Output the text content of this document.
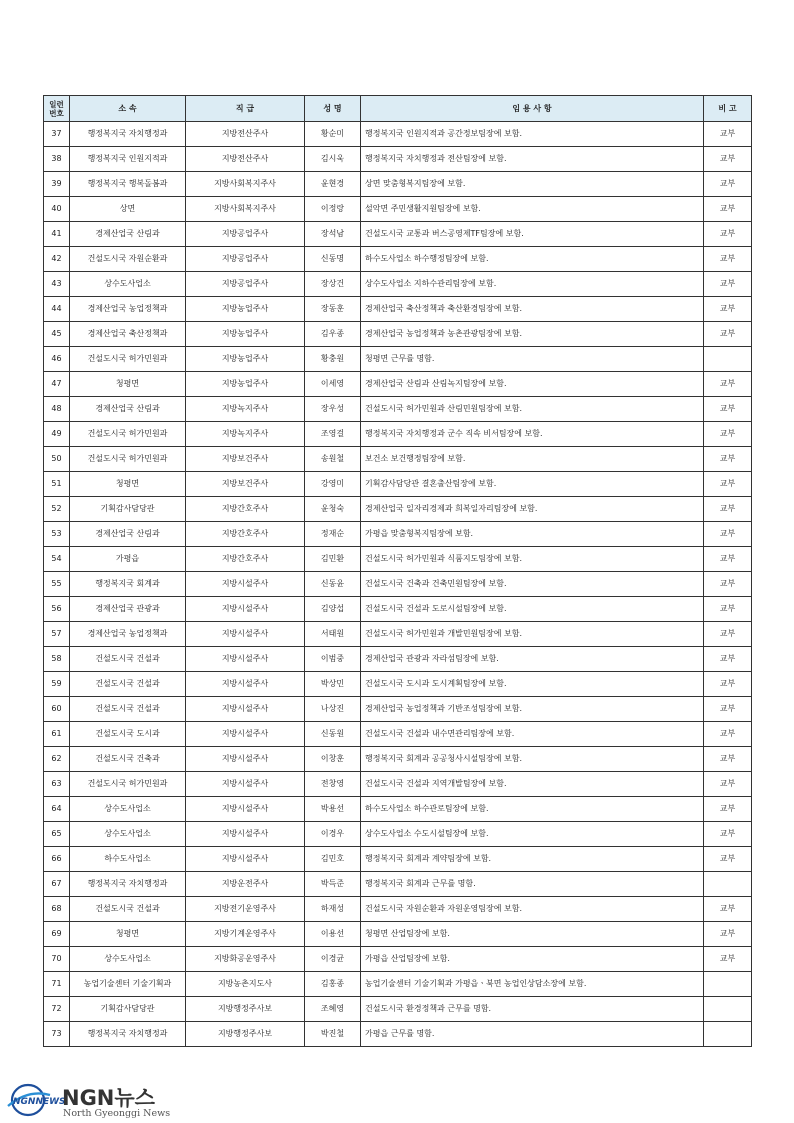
일련번호	소 속	직 급	성 명	임 용 사 항	비 고
37	행정복지국 자치행정과	지방전산주사	황순미	행정복지국 인원지적과 공간정보팀장에 보함.	교부
38	행정복지국 인원지적과	지방전산주사	김시욱	행정복지국 자치행정과 전산팀장에 보함.	교부
39	행정복지국 행복돌봄과	지방사회복지주사	윤현경	상면 맞춤형복지팀장에 보함.	교부
40	상면	지방사회복지주사	이정랑	설악면 주민생활지원팀장에 보함.	교부
41	경제산업국 산림과	지방공업주사	장석남	건설도시국 교통과 버스공영제TF팀장에 보함.	교부
42	건설도시국 자원순환과	지방공업주사	신동명	하수도사업소 하수행정팀장에 보함.	교부
43	상수도사업소	지방공업주사	장상건	상수도사업소 지하수관리팀장에 보함.	교부
44	경제산업국 농업정책과	지방농업주사	장동훈	경제산업국 축산정책과 축산환경팀장에 보함.	교부
45	경제산업국 축산정책과	지방농업주사	김우종	경제산업국 농업정책과 농촌관광팀장에 보함.	교부
46	건설도시국 허가민원과	지방농업주사	황충원	청평면 근무를 명함.	
47	청평면	지방농업주사	이세영	경제산업국 산림과 산림녹지팀장에 보함.	교부
48	경제산업국 산림과	지방녹지주사	장우성	건설도시국 허가민원과 산림민원팀장에 보함.	교부
49	건설도시국 허가민원과	지방녹지주사	조영걸	행정복지국 자치행정과 군수 직속 비서팀장에 보함.	교부
50	건설도시국 허가민원과	지방보건주사	송원철	보건소 보건행정팀장에 보함.	교부
51	청평면	지방보건주사	강영미	기획감사담당관 결혼출산팀장에 보함.	교부
52	기획감사담당관	지방간호주사	윤청숙	경제산업국 일자리경제과 희복일자리팀장에 보함.	교부
53	경제산업국 산림과	지방간호주사	정재순	가평읍 맞춤형복지팀장에 보함.	교부
54	가평읍	지방간호주사	김민환	건설도시국 허가민원과 식품지도팀장에 보함.	교부
55	행정복지국 회계과	지방시설주사	신동윤	건설도시국 건축과 건축민원팀장에 보함.	교부
56	경제산업국 관광과	지방시설주사	김양섭	건설도시국 건설과 도로시설팀장에 보함.	교부
57	경제산업국 농업정책과	지방시설주사	서태원	건설도시국 허가민원과 개발민원팀장에 보함.	교부
58	건설도시국 건설과	지방시설주사	이범중	경제산업국 관광과 자라섬팀장에 보함.	교부
59	건설도시국 건설과	지방시설주사	박상민	건설도시국 도시과 도시계획팀장에 보함.	교부
60	건설도시국 건설과	지방시설주사	나상진	경제산업국 농업정책과 기반조성팀장에 보함.	교부
61	건설도시국 도시과	지방시설주사	신동원	건설도시국 건설과 내수면관리팀장에 보함.	교부
62	건설도시국 건축과	지방시설주사	이창훈	행정복지국 회계과 공공청사시설팀장에 보함.	교부
63	건설도시국 허가민원과	지방시설주사	전창영	건설도시국 건설과 지역개발팀장에 보함.	교부
64	상수도사업소	지방시설주사	박용선	하수도사업소 하수관로팀장에 보함.	교부
65	상수도사업소	지방시설주사	이경우	상수도사업소 수도시설팀장에 보함.	교부
66	하수도사업소	지방시설주사	김민호	행정복지국 회계과 계약팀장에 보함.	교부
67	행정복지국 자치행정과	지방운전주사	박득준	행정복지국 회계과 근무를 명함.	
68	건설도시국 건설과	지방전기운영주사	하재성	건설도시국 자원순환과 자원운영팀장에 보함.	교부
69	청평면	지방기계운영주사	이용선	청평면 산업팀장에 보함.	교부
70	상수도사업소	지방화공운영주사	이경균	가평읍 산업팀장에 보함.	교부
71	농업기술센터 기술기획과	지방농촌지도사	김홍종	농업기술센터 기술기획과 가평읍ㆍ북면 농업인상담소장에 보함.	
72	기획감사담당관	지방행정주사보	조혜영	건설도시국 환경정책과 근무를 명함.	
73	행정복지국 자치행정과	지방행정주사보	박진철	가평읍 근무를 명함.	
NGNNEWS
NGN뉴스
North Gyeonggi News
